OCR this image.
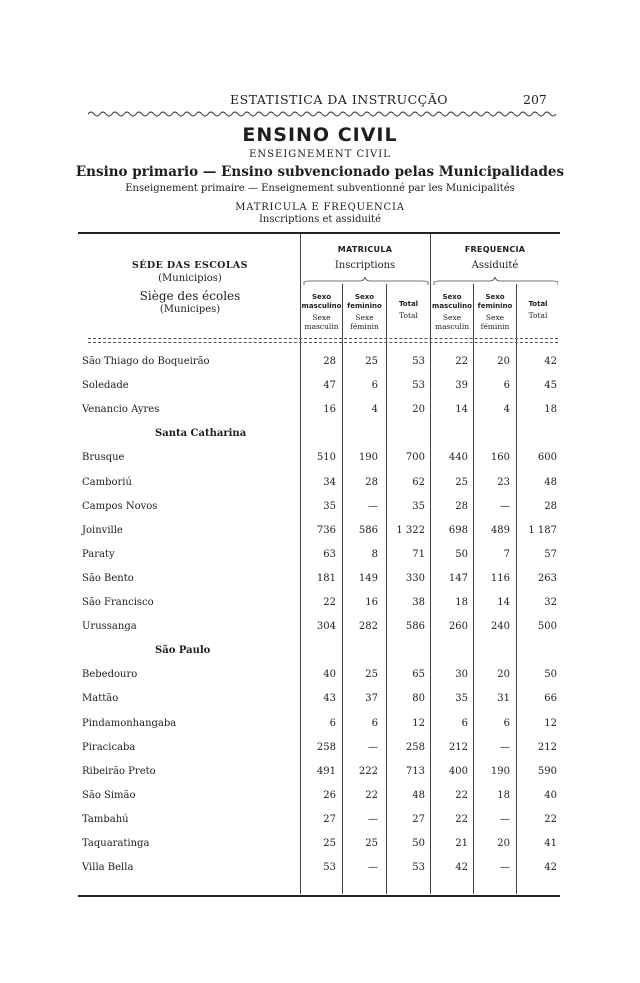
ESTATISTICA DA INSTRUCÇÃO	207
ENSINO CIVIL
ENSEIGNEMENT CIVIL
Ensino primario — Ensino subvencionado pelas Municipalidades
Enseignement primaire — Enseignement subventionné par les Municipalités
MATRICULA E FREQUENCIA
Inscriptions et assiduité
SÉDE DAS ESCOLAS
(Municipios)
Siège des écoles
(Municipes)
MATRICULA
Inscriptions
FREQUENCIA
Assiduité
Sexo masculino
Sexe masculin
Sexo feminino
Sexe féminin
Total
Total
Sexo masculino
Sexe masculin
Sexo feminino
Sexe féminin
Total
Total
São Thiago do Boqueirão	28	25	53	22	20	42
Soledade	47	6	53	39	6	45
Venancio Ayres	16	4	20	14	4	18
Santa Catharina
Brusque	510	190	700	440	160	600
Camboriú	34	28	62	25	23	48
Campos Novos	35	—	35	28	—	28
Joinville	736	586	1 322	698	489	1 187
Paraty	63	8	71	50	7	57
São Bento	181	149	330	147	116	263
São Francisco	22	16	38	18	14	32
Urussanga	304	282	586	260	240	500
São Paulo
Bebedouro	40	25	65	30	20	50
Mattão	43	37	80	35	31	66
Pindamonhangaba	6	6	12	6	6	12
Piracicaba	258	—	258	212	—	212
Ribeirão Preto	491	222	713	400	190	590
São Simão	26	22	48	22	18	40
Tambahú	27	—	27	22	—	22
Taquaratinga	25	25	50	21	20	41
Villa Bella	53	—	53	42	—	42
